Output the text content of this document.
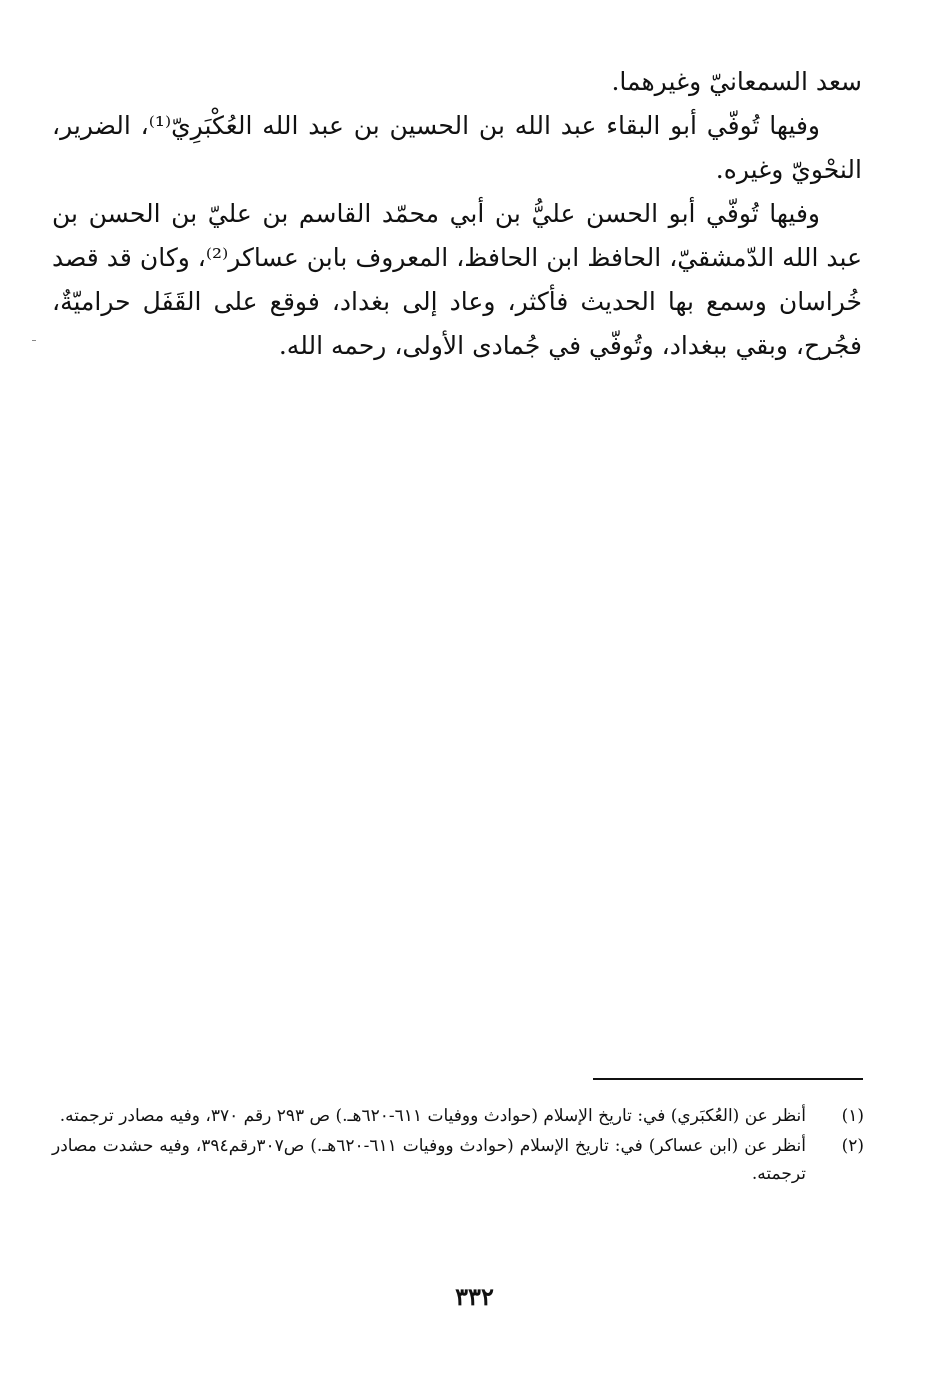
سعد السمعانيّ وغيرهما.

وفيها تُوفّي أبو البقاء عبد الله بن الحسين بن عبد الله العُكْبَرِيّ⁽¹⁾، الضرير، النحْويّ وغيره.

وفيها تُوفّي أبو الحسن عليُّ بن أبي محمّد القاسم بن عليّ بن الحسن بن عبد الله الدّمشقيّ، الحافظ ابن الحافظ، المعروف بابن عساكر⁽²⁾، وكان قد قصد خُراسان وسمع بها الحديث فأكثر، وعاد إلى بغداد، فوقع على القَفَل حراميّةٌ، فجُرح، وبقي ببغداد، وتُوفّي في جُمادى الأولى، رحمه الله.

(١)
أنظر عن (العُكبَري) في: تاريخ الإسلام (حوادث ووفيات ٦١١-٦٢٠هـ.) ص ٢٩٣ رقم ٣٧٠، وفيه مصادر ترجمته.
(٢)
أنظر عن (ابن عساكر) في: تاريخ الإسلام (حوادث ووفيات ٦١١-٦٢٠هـ.) ص٣٠٧رقم٣٩٤، وفيه حشدت مصادر ترجمته.
٣٣٢
